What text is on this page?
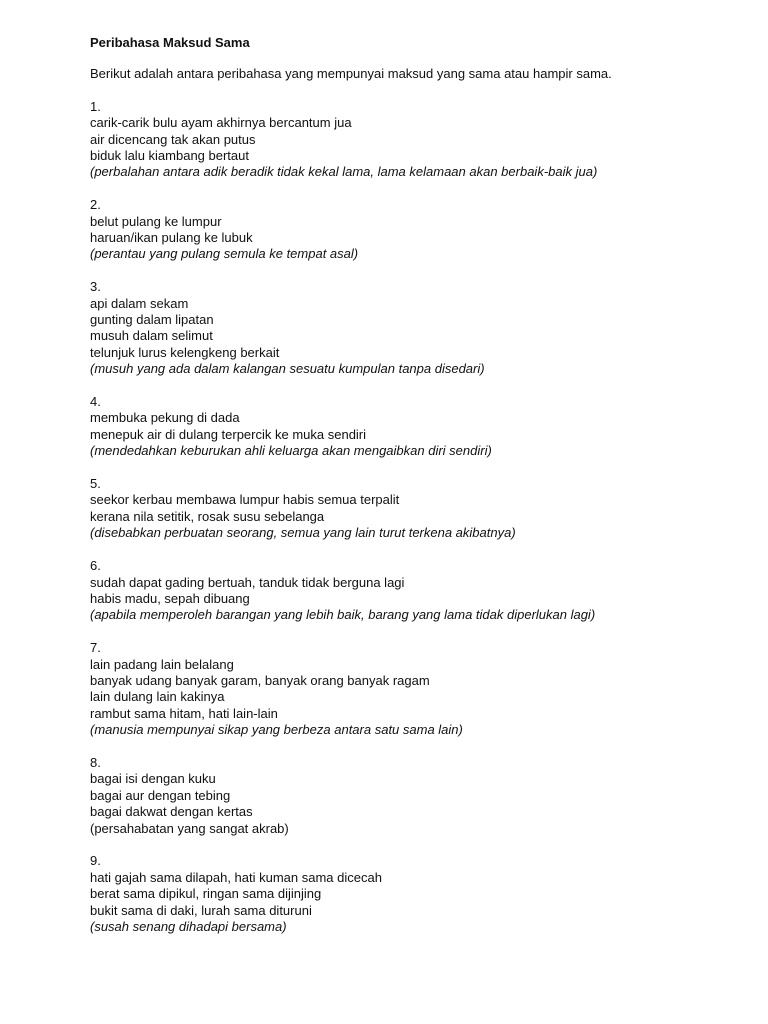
Peribahasa Maksud Sama
Berikut adalah antara peribahasa yang mempunyai maksud yang sama atau hampir sama.
1.
carik-carik bulu ayam akhirnya bercantum jua
air dicencang tak akan putus
biduk lalu kiambang bertaut
(perbalahan antara adik beradik tidak kekal lama, lama kelamaan akan berbaik-baik jua)
2.
belut pulang ke lumpur
haruan/ikan pulang ke lubuk
(perantau yang pulang semula ke tempat asal)
3.
api dalam sekam
gunting dalam lipatan
musuh dalam selimut
telunjuk lurus kelengkeng berkait
(musuh yang ada dalam kalangan sesuatu kumpulan tanpa disedari)
4.
membuka pekung di dada
menepuk air di dulang terpercik ke muka sendiri
(mendedahkan keburukan ahli keluarga akan mengaibkan diri sendiri)
5.
seekor kerbau membawa lumpur habis semua terpalit
kerana nila setitik, rosak susu sebelanga
(disebabkan perbuatan seorang, semua yang lain turut terkena akibatnya)
6.
sudah dapat gading bertuah, tanduk tidak berguna lagi
habis madu, sepah dibuang
(apabila memperoleh barangan yang lebih baik, barang yang lama tidak diperlukan lagi)
7.
lain padang lain belalang
banyak udang banyak garam, banyak orang banyak ragam
lain dulang lain kakinya
rambut sama hitam, hati lain-lain
(manusia mempunyai sikap yang berbeza antara satu sama lain)
8.
bagai isi dengan kuku
bagai aur dengan tebing
bagai dakwat dengan kertas
(persahabatan yang sangat akrab)
9.
hati gajah sama dilapah, hati kuman sama dicecah
berat sama dipikul, ringan sama dijinjing
bukit sama di daki, lurah sama dituruni
(susah senang dihadapi bersama)
